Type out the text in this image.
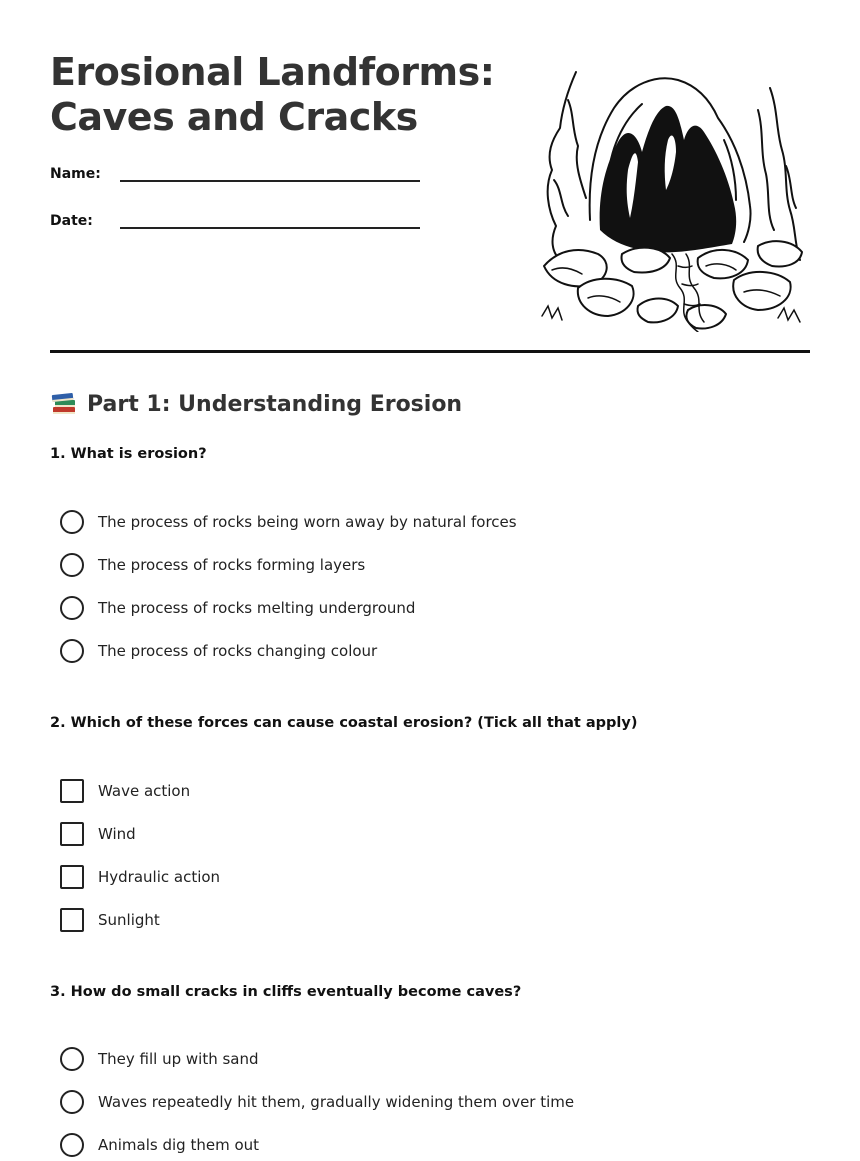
Erosional Landforms:
Caves and Cracks
Name:
Date:
Part 1: Understanding Erosion

1. What is erosion?

The process of rocks being worn away by natural forces
The process of rocks forming layers
The process of rocks melting underground
The process of rocks changing colour

2. Which of these forces can cause coastal erosion? (Tick all that apply)

Wave action
Wind
Hydraulic action
Sunlight

3. How do small cracks in cliffs eventually become caves?

They fill up with sand
Waves repeatedly hit them, gradually widening them over time
Animals dig them out
